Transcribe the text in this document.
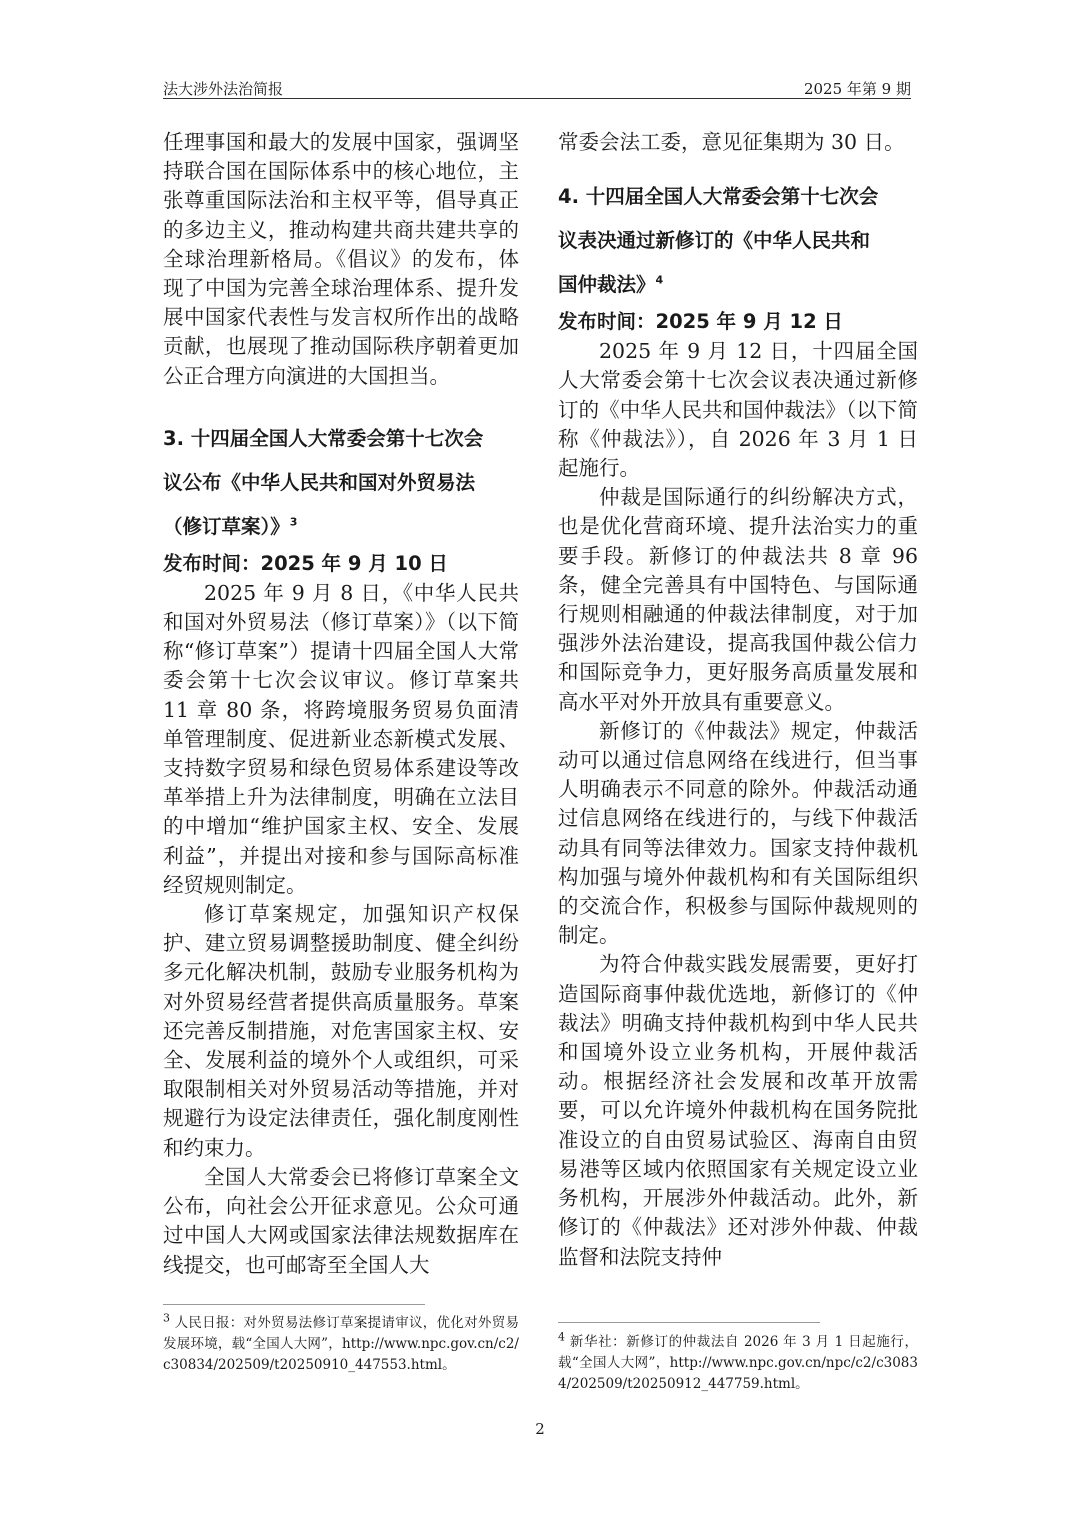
法大涉外法治简报	2025 年第 9 期

任理事国和最大的发展中国家，强调坚持联合国在国际体系中的核心地位，主张尊重国际法治和主权平等，倡导真正的多边主义，推动构建共商共建共享的全球治理新格局。《倡议》的发布，体现了中国为完善全球治理体系、提升发展中国家代表性与发言权所作出的战略贡献，也展现了推动国际秩序朝着更加公正合理方向演进的大国担当。

3. 十四届全国人大常委会第十七次会
议公布《中华人民共和国对外贸易法
（修订草案）》$^3$

发布时间：2025 年 9 月 10 日

2025 年 9 月 8 日，《中华人民共和国对外贸易法（修订草案）》（以下简称“修订草案”）提请十四届全国人大常委会第十七次会议审议。修订草案共 11 章 80 条，将跨境服务贸易负面清单管理制度、促进新业态新模式发展、支持数字贸易和绿色贸易体系建设等改革举措上升为法律制度，明确在立法目的中增加“维护国家主权、安全、发展利益”，并提出对接和参与国际高标准经贸规则制定。

修订草案规定，加强知识产权保护、建立贸易调整援助制度、健全纠纷多元化解决机制，鼓励专业服务机构为对外贸易经营者提供高质量服务。草案还完善反制措施，对危害国家主权、安全、发展利益的境外个人或组织，可采取限制相关对外贸易活动等措施，并对规避行为设定法律责任，强化制度刚性和约束力。

全国人大常委会已将修订草案全文公布，向社会公开征求意见。公众可通过中国人大网或国家法律法规数据库在线提交，也可邮寄至全国人大

$^3$ 人民日报：对外贸易法修订草案提请审议，优化对外贸易发展环境，载“全国人大网”，http://www.npc.gov.cn/c2/c30834/202509/t20250910_447553.html。

常委会法工委，意见征集期为 30 日。

4. 十四届全国人大常委会第十七次会
议表决通过新修订的《中华人民共和
国仲裁法》$^4$

发布时间：2025 年 9 月 12 日

2025 年 9 月 12 日，十四届全国人大常委会第十七次会议表决通过新修订的《中华人民共和国仲裁法》（以下简称《仲裁法》），自 2026 年 3 月 1 日起施行。

仲裁是国际通行的纠纷解决方式，也是优化营商环境、提升法治实力的重要手段。新修订的仲裁法共 8 章 96 条，健全完善具有中国特色、与国际通行规则相融通的仲裁法律制度，对于加强涉外法治建设，提高我国仲裁公信力和国际竞争力，更好服务高质量发展和高水平对外开放具有重要意义。

新修订的《仲裁法》规定，仲裁活动可以通过信息网络在线进行，但当事人明确表示不同意的除外。仲裁活动通过信息网络在线进行的，与线下仲裁活动具有同等法律效力。国家支持仲裁机构加强与境外仲裁机构和有关国际组织的交流合作，积极参与国际仲裁规则的制定。

为符合仲裁实践发展需要，更好打造国际商事仲裁优选地，新修订的《仲裁法》明确支持仲裁机构到中华人民共和国境外设立业务机构，开展仲裁活动。根据经济社会发展和改革开放需要，可以允许境外仲裁机构在国务院批准设立的自由贸易试验区、海南自由贸易港等区域内依照国家有关规定设立业务机构，开展涉外仲裁活动。此外，新修订的《仲裁法》还对涉外仲裁、仲裁监督和法院支持仲

$^4$ 新华社：新修订的仲裁法自 2026 年 3 月 1 日起施行，载“全国人大网”，http://www.npc.gov.cn/npc/c2/c30834/202509/t20250912_447759.html。
2
